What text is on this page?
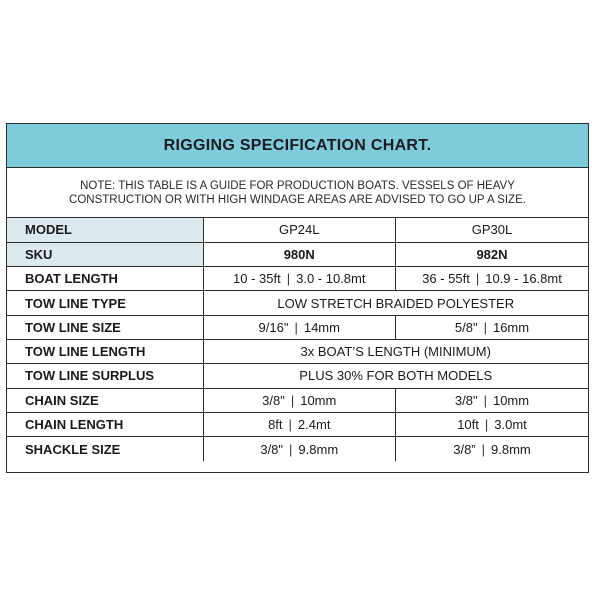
RIGGING SPECIFICATION CHART.
NOTE: THIS TABLE IS A GUIDE FOR PRODUCTION BOATS. VESSELS OF HEAVY
CONSTRUCTION OR WITH HIGH WINDAGE AREAS ARE ADVISED TO GO UP A SIZE.
MODEL	GP24L	GP30L
SKU	980N	982N
BOAT LENGTH	10 - 35ft | 3.0 - 10.8mt	36 - 55ft | 10.9 - 16.8mt
TOW LINE TYPE	LOW STRETCH BRAIDED POLYESTER	
TOW LINE SIZE	9/16" | 14mm	5/8" | 16mm
TOW LINE LENGTH	3x BOAT’S LENGTH (MINIMUM)	
TOW LINE SURPLUS	PLUS 30% FOR BOTH MODELS	
CHAIN SIZE	3/8" | 10mm	3/8" | 10mm
CHAIN LENGTH	8ft | 2.4mt	10ft | 3.0mt
SHACKLE SIZE	3/8" | 9.8mm	3/8” | 9.8mm
